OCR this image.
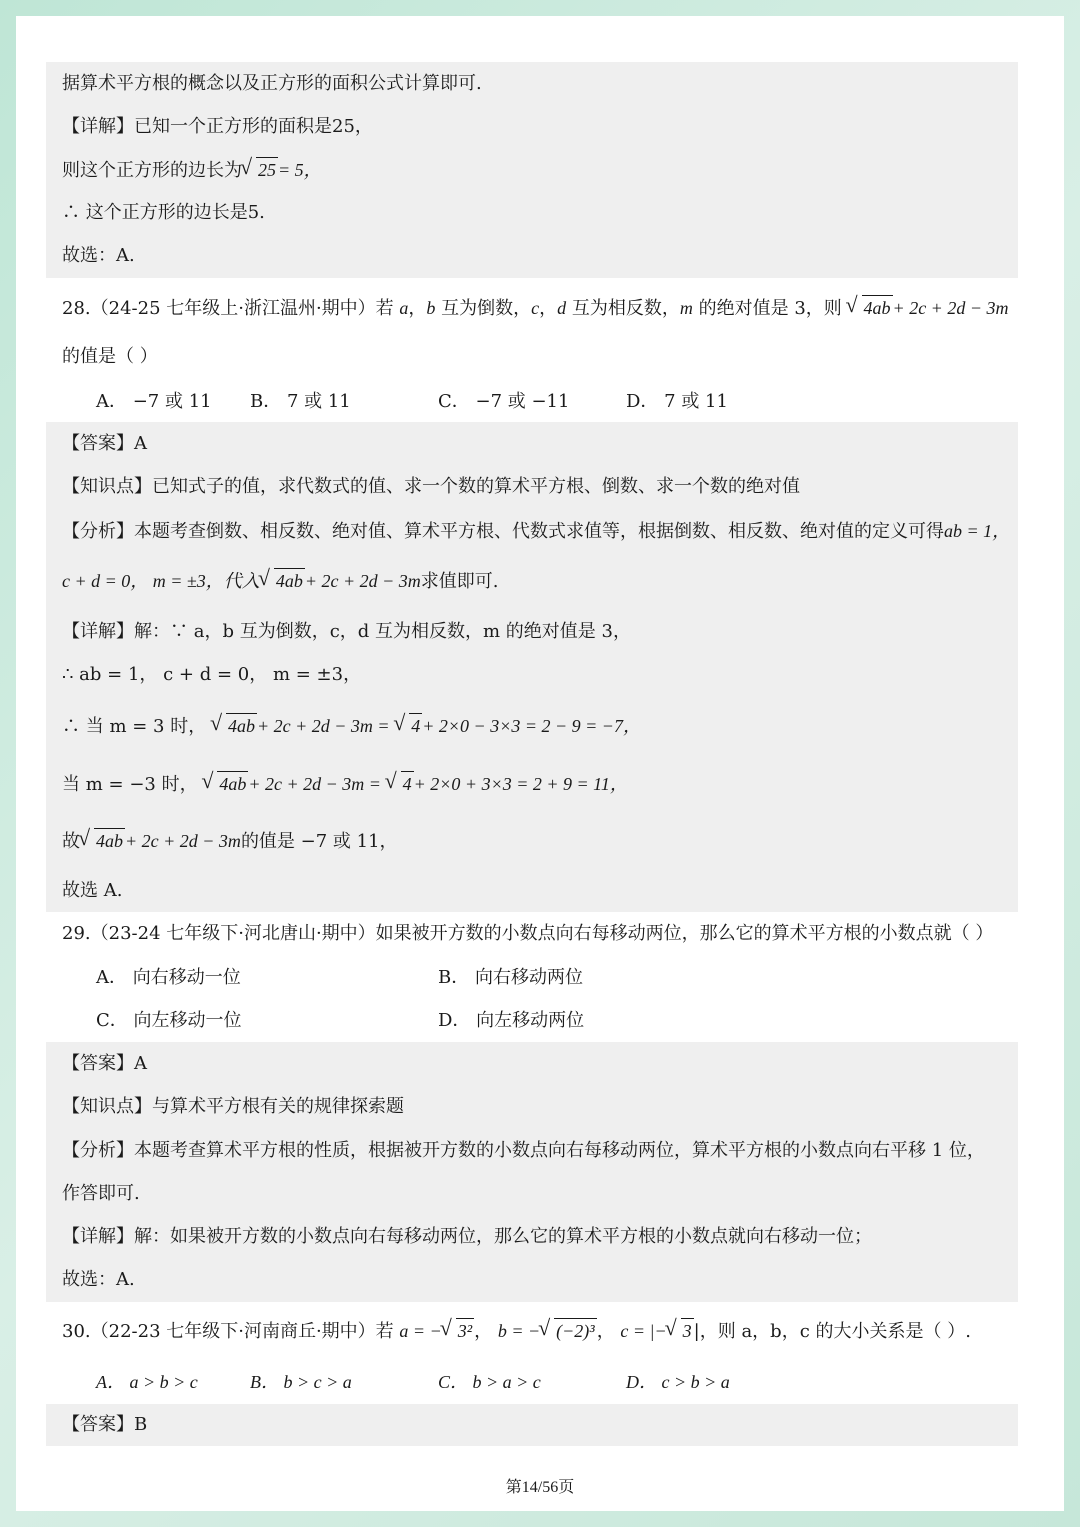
据算术平方根的概念以及正方形的面积公式计算即可.
【详解】已知一个正方形的面积是25，
则这个正方形的边长为 √ 25 = 5，
∴ 这个正方形的边长是5.
故选：A.
28.（24-25 七年级上·浙江温州·期中）若 a，b 互为倒数，c，d 互为相反数，m 的绝对值是 3，则 √ 4ab + 2c + 2d − 3m
的值是（ ）
A． −7 或 11 B． 7 或 11	C． −7 或 −11	D． 7 或 11
【答案】A
【知识点】已知式子的值，求代数式的值、求一个数的算术平方根、倒数、求一个数的绝对值
【分析】本题考查倒数、相反数、绝对值、算术平方根、代数式求值等，根据倒数、相反数、绝对值的定义可得ab = 1，
c + d = 0， m = ±3，代入 √ 4ab + 2c + 2d − 3m求值即可.
【详解】解：∵ a，b 互为倒数，c，d 互为相反数，m 的绝对值是 3，
∴ ab = 1， c + d = 0， m = ±3，
∴ 当 m = 3 时， √ 4ab + 2c + 2d − 3m = √ 4 + 2×0 − 3×3 = 2 − 9 = −7，
当 m = −3 时， √ 4ab + 2c + 2d − 3m = √ 4 + 2×0 + 3×3 = 2 + 9 = 11，
故 √ 4ab + 2c + 2d − 3m的值是 −7 或 11，
故选 A.
29.（23-24 七年级下·河北唐山·期中）如果被开方数的小数点向右每移动两位，那么它的算术平方根的小数点就（ ）
A． 向右移动一位	B． 向右移动两位
C． 向左移动一位	D． 向左移动两位
【答案】A
【知识点】与算术平方根有关的规律探索题
【分析】本题考查算术平方根的性质，根据被开方数的小数点向右每移动两位，算术平方根的小数点向右平移 1 位，
作答即可.
【详解】解：如果被开方数的小数点向右每移动两位，那么它的算术平方根的小数点就向右移动一位；
故选：A.
30.（22-23 七年级下·河南商丘·期中）若 a = − √ 3² ， b = − √ (−2)³ ， c = |− √ 3 |，则 a，b，c 的大小关系是（ ）.
A． a > b > c	B． b > c > a	C． b > a > c	D． c > b > a
【答案】B
第14/56页
